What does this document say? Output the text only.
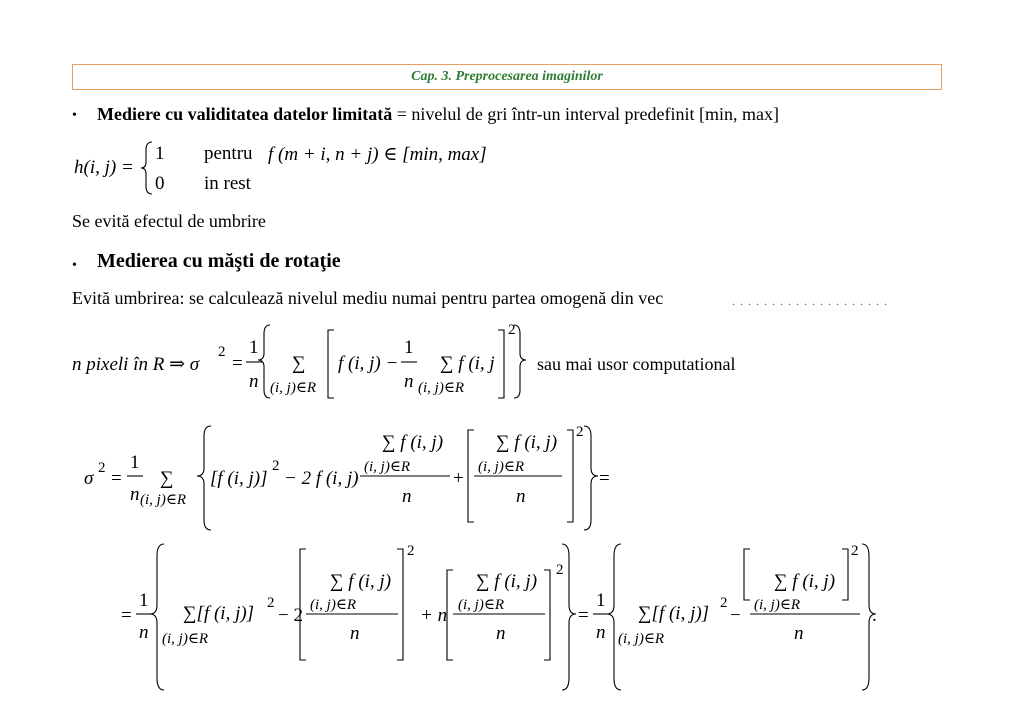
Cap. 3. Preprocesarea imaginilor
• Mediere cu validitatea datelor limitată = nivelul de gri într-un interval predefinit [min, max]
h(i, j) =
1 pentru f (m + i, n + j) ∈ [min, max]
0 in rest
Se evită efectul de umbrire
• Medierea cu măşti de rotaţie
Evită umbrirea: se calculează nivelul mediu numai pentru partea omogenă din vec	. . . . . . . . . . . . . . . . . . . .
n pixeli în R ⇒ σ
2
=
1
n
∑
(i, j)∈R
f (i, j) −
1
n
∑ f (i, j
(i, j)∈R
2
sau mai usor computational
σ 2 =
1
n
∑
(i, j)∈R
[f (i, j)]
2
− 2 f (i, j)
∑ f (i, j)
(i, j)∈R
n
+
∑ f (i, j)
(i, j)∈R
n
2
=
=
1
n
∑[f (i, j)] 2
(i, j)∈R
− 2
∑ f (i, j)
(i, j)∈R
n
2
+ n
∑ f (i, j)
(i, j)∈R
n
2
=
1
n
∑[f (i, j)] 2
(i, j)∈R
−
∑ f (i, j)
(i, j)∈R
n
2
.
